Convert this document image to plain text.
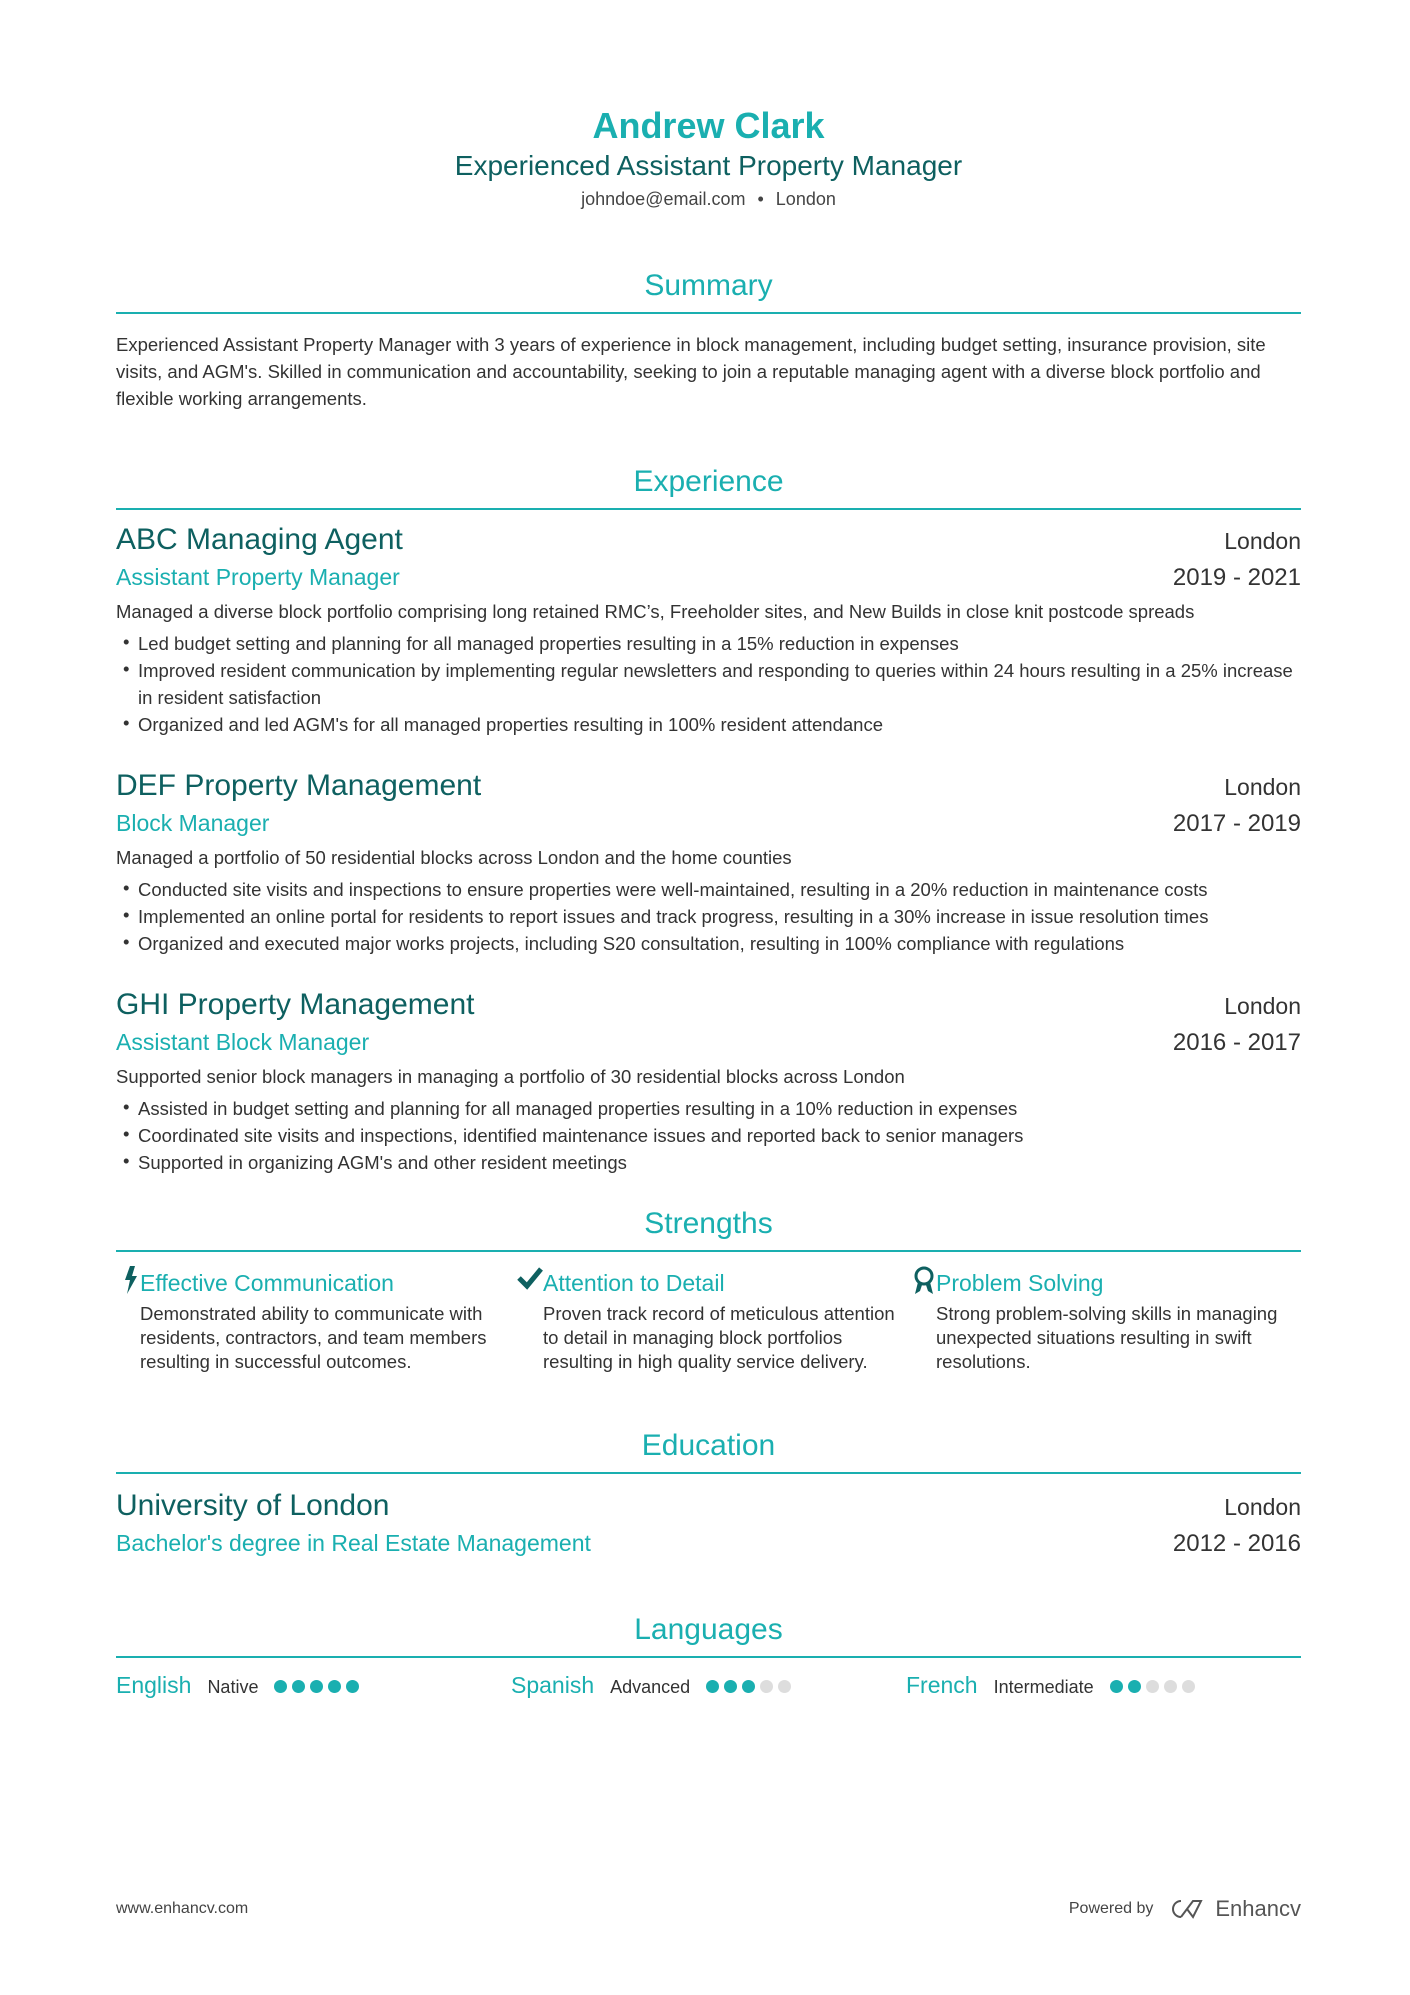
Andrew Clark
Experienced Assistant Property Manager
johndoe@email.com • London
Summary

Experienced Assistant Property Manager with 3 years of experience in block management, including budget setting, insurance provision, site visits, and AGM's. Skilled in communication and accountability, seeking to join a reputable managing agent with a diverse block portfolio and flexible working arrangements.

Experience
ABC Managing Agent	London
Assistant Property Manager	2019 - 2021

Managed a diverse block portfolio comprising long retained RMC’s, Freeholder sites, and New Builds in close knit postcode spreads

• Led budget setting and planning for all managed properties resulting in a 15% reduction in expenses
• Improved resident communication by implementing regular newsletters and responding to queries within 24 hours resulting in a 25% increase in resident satisfaction
• Organized and led AGM's for all managed properties resulting in 100% resident attendance
DEF Property Management	London
Block Manager	2017 - 2019

Managed a portfolio of 50 residential blocks across London and the home counties

• Conducted site visits and inspections to ensure properties were well-maintained, resulting in a 20% reduction in maintenance costs
• Implemented an online portal for residents to report issues and track progress, resulting in a 30% increase in issue resolution times
• Organized and executed major works projects, including S20 consultation, resulting in 100% compliance with regulations
GHI Property Management	London
Assistant Block Manager	2016 - 2017

Supported senior block managers in managing a portfolio of 30 residential blocks across London

• Assisted in budget setting and planning for all managed properties resulting in a 10% reduction in expenses
• Coordinated site visits and inspections, identified maintenance issues and reported back to senior managers
• Supported in organizing AGM's and other resident meetings
Strengths
Effective Communication
Demonstrated ability to communicate with residents, contractors, and team members resulting in successful outcomes.
Attention to Detail
Proven track record of meticulous attention to detail in managing block portfolios resulting in high quality service delivery.
Problem Solving
Strong problem-solving skills in managing unexpected situations resulting in swift resolutions.
Education
University of London	London
Bachelor's degree in Real Estate Management	2012 - 2016
Languages
English Native	Spanish Advanced	French Intermediate
www.enhancv.com	Powered by	Enhancv
